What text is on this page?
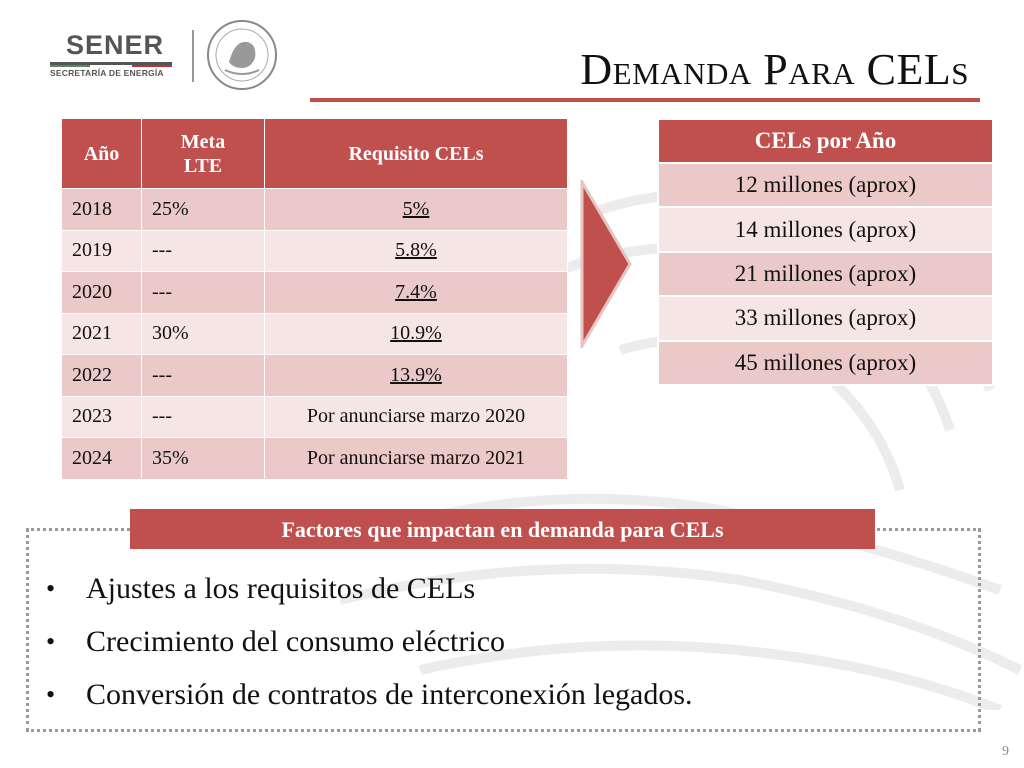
SENER
SECRETARÍA DE ENERGÍA	Demanda Para CELs
Año	Meta LTE	Requisito CELs
2018	25%	5%
2019	---	5.8%
2020	---	7.4%
2021	30%	10.9%
2022	---	13.9%
2023	---	Por anunciarse marzo 2020
2024	35%	Por anunciarse marzo 2021
CELs por Año
12 millones (aprox)
14 millones (aprox)
21 millones (aprox)
33 millones (aprox)
45 millones (aprox)
Factores que impactan en demanda para CELs
•	Ajustes a los requisitos de CELs
•	Crecimiento del consumo eléctrico
•	Conversión de contratos de interconexión legados.
9
